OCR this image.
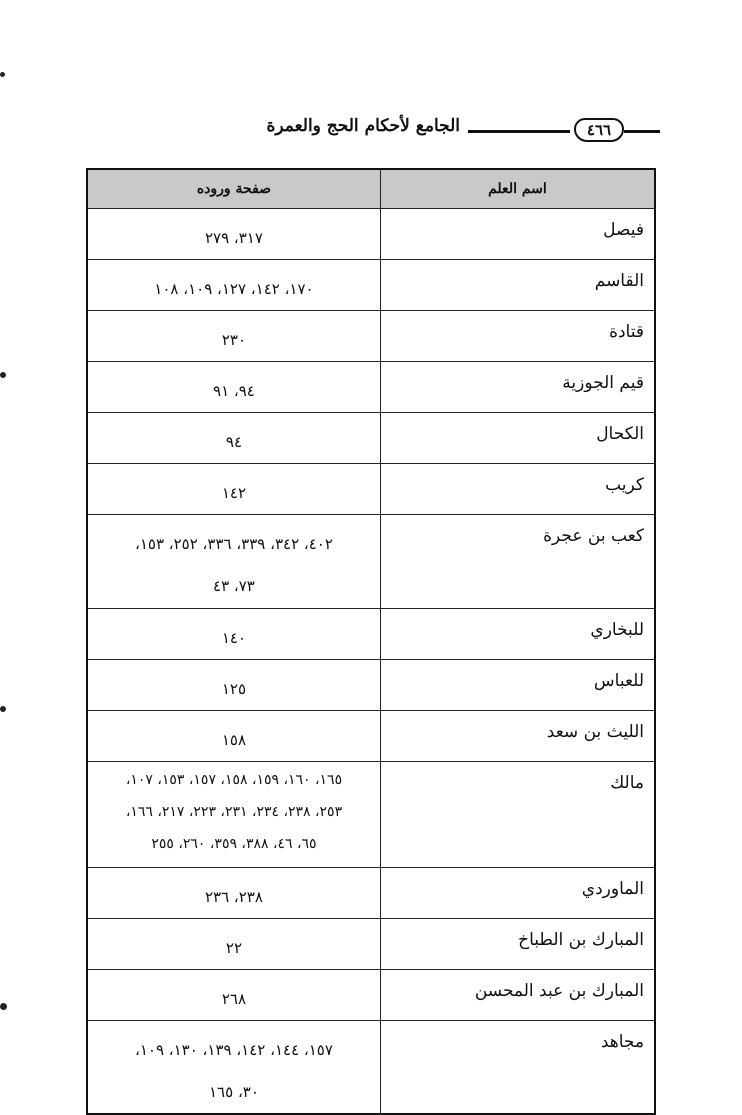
٤٦٦
الجامع لأحكام الحج والعمرة
اسم العلم	صفحة وروده
فيصل	٣١٧، ٢٧٩

القاسم	١٧٠، ١٤٢، ١٢٧، ١٠٩، ١٠٨

قتادة	٢٣٠

قيم الجوزية	٩٤، ٩١

الكحال	٩٤

كريب	١٤٢

كعب بن عجرة	٤٠٢، ٣٤٢، ٣٣٩، ٣٣٦، ٢٥٢، ١٥٣،
٧٣، ٤٣

للبخاري	١٤٠

للعباس	١٢٥

الليث بن سعد	١٥٨

مالك	١٦٥، ١٦٠، ١٥٩، ١٥٨، ١٥٧، ١٥٣، ١٠٧،
٢٥٣، ٢٣٨، ٢٣٤، ٢٣١، ٢٢٣، ٢١٧، ١٦٦،
٦٥، ٤٦، ٣٨٨، ٣٥٩، ٢٦٠، ٢٥٥

الماوردي	٢٣٨، ٢٣٦

المبارك بن الطباخ	٢٢

المبارك بن عبد المحسن	٢٦٨

مجاهد	١٥٧، ١٤٤، ١٤٢، ١٣٩، ١٣٠، ١٠٩،
٣٠، ١٦٥
